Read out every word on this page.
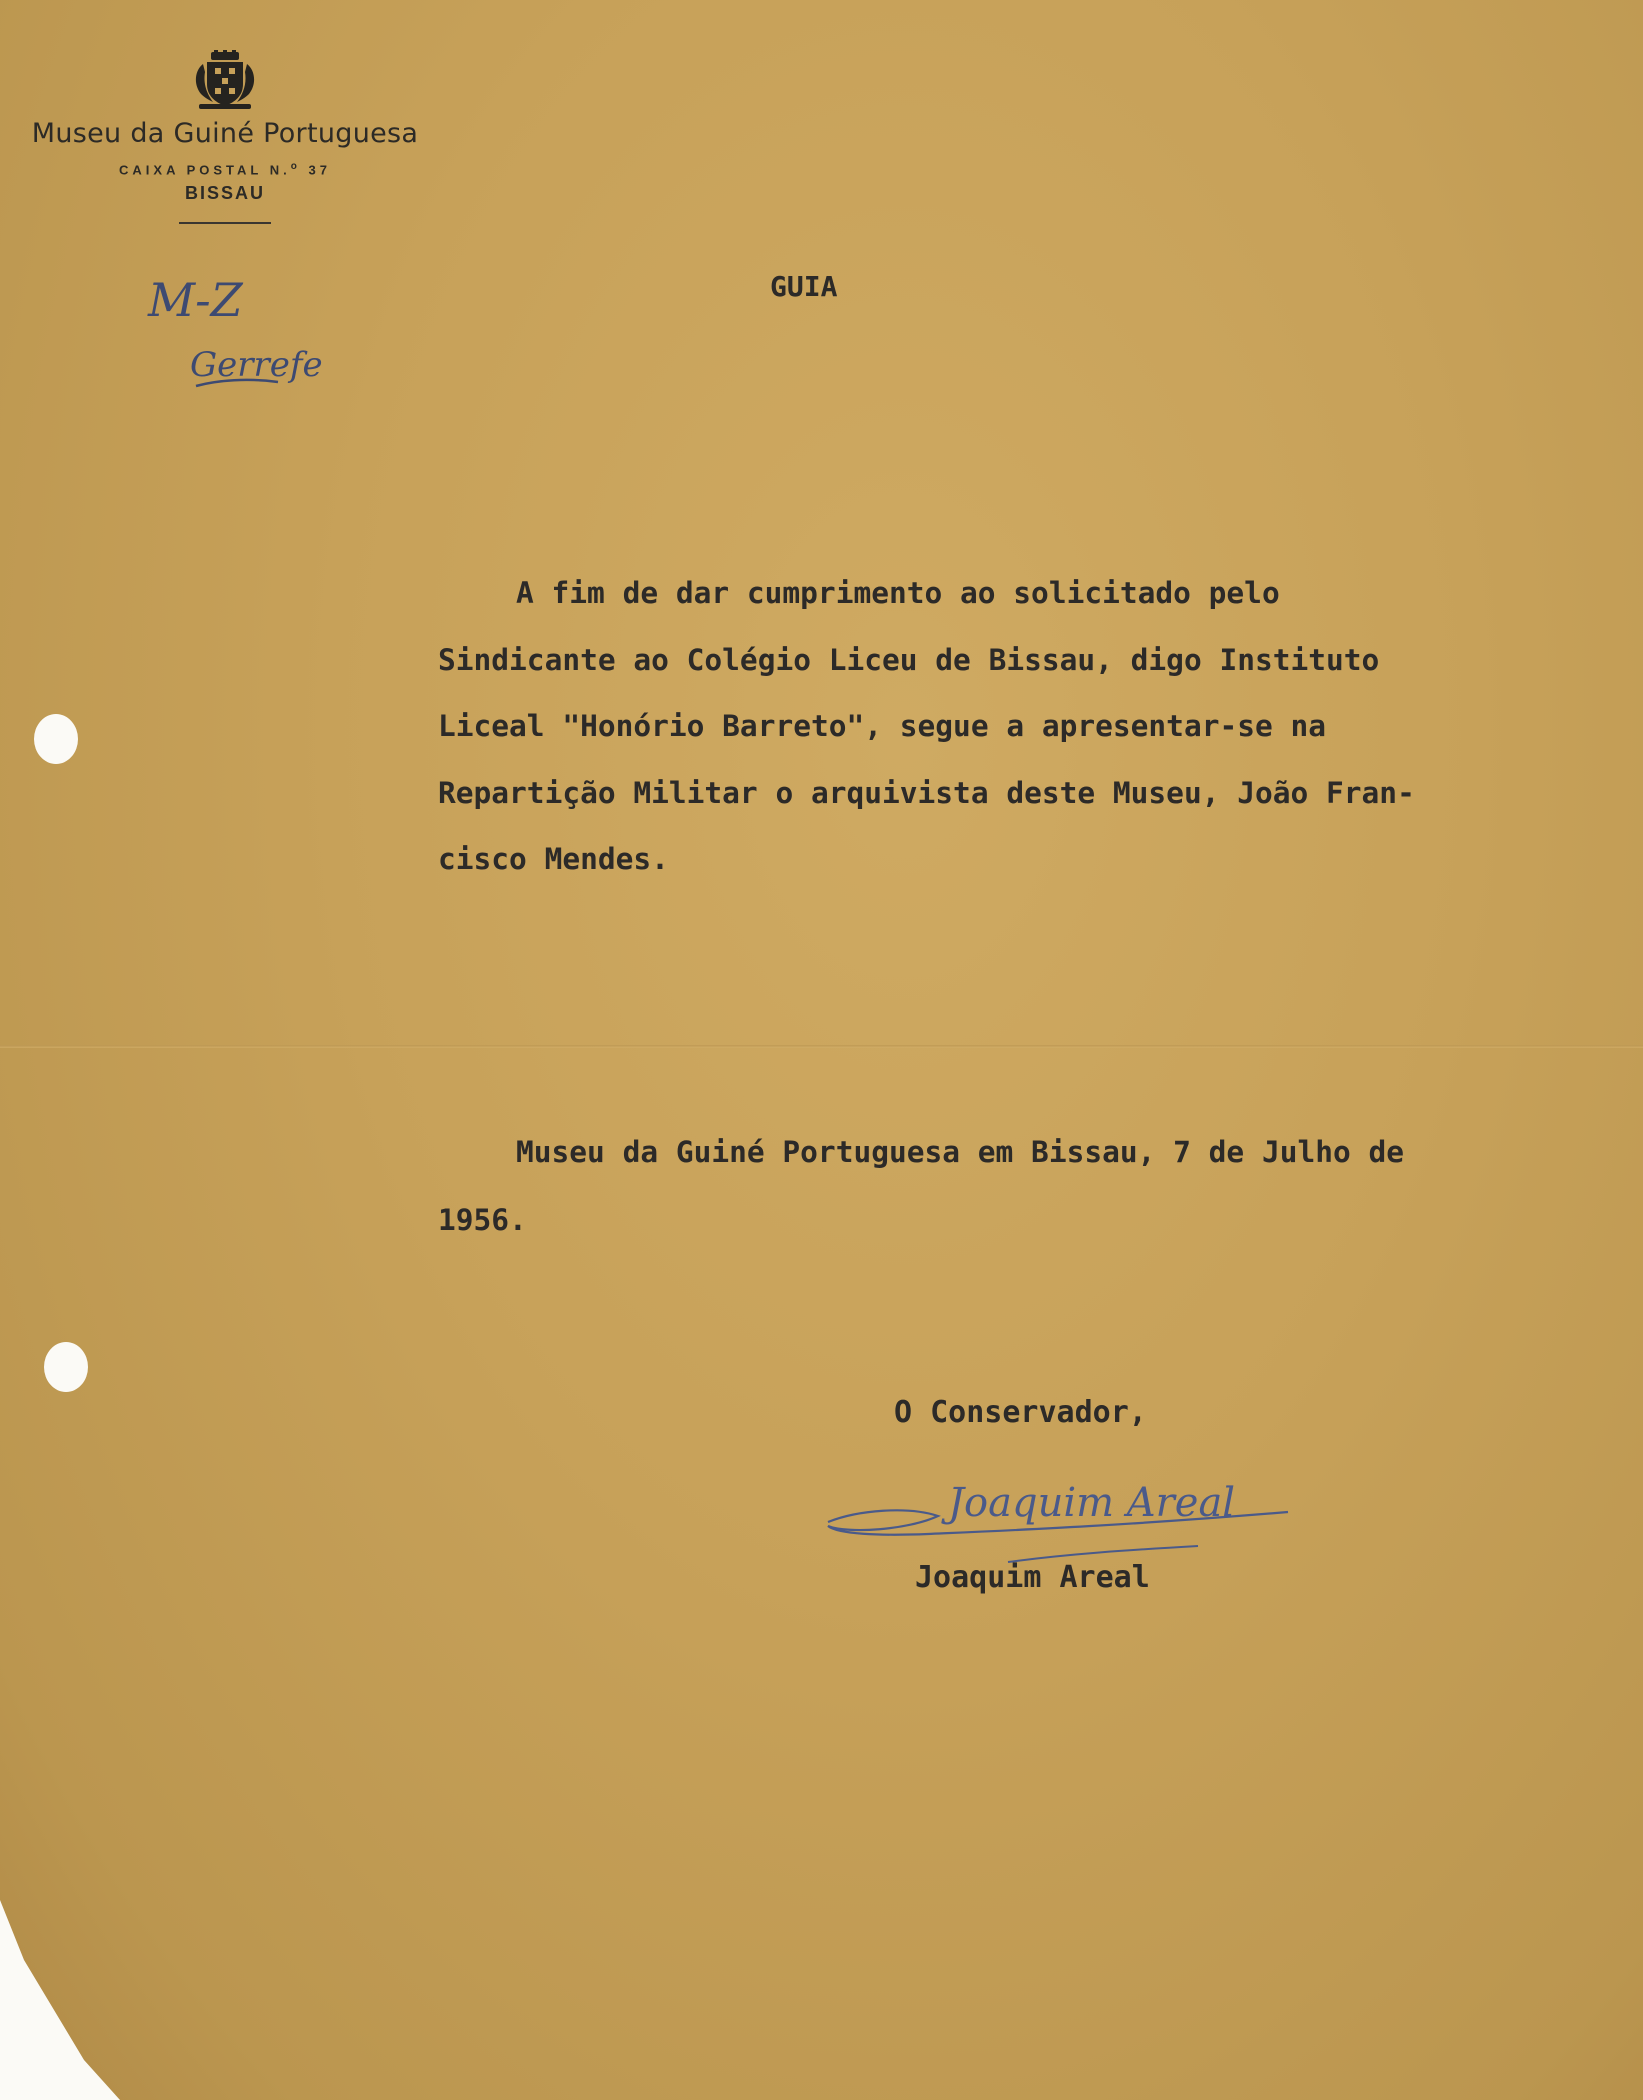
Museu da Guiné Portuguesa
CAIXA POSTAL N.$^o$ 37
BISSAU
M-Z
Gerrefe
GUIA
A fim de dar cumprimento ao solicitado pelo
Sindicante ao Colégio Liceu de Bissau, digo Instituto
Liceal "Honório Barreto", segue a apresentar-se na
Repartição Militar o arquivista deste Museu, João Fran-
cisco Mendes.
Museu da Guiné Portuguesa em Bissau, 7 de Julho de
1956.
O Conservador,
Joaquim Areal
Joaquim Areal
